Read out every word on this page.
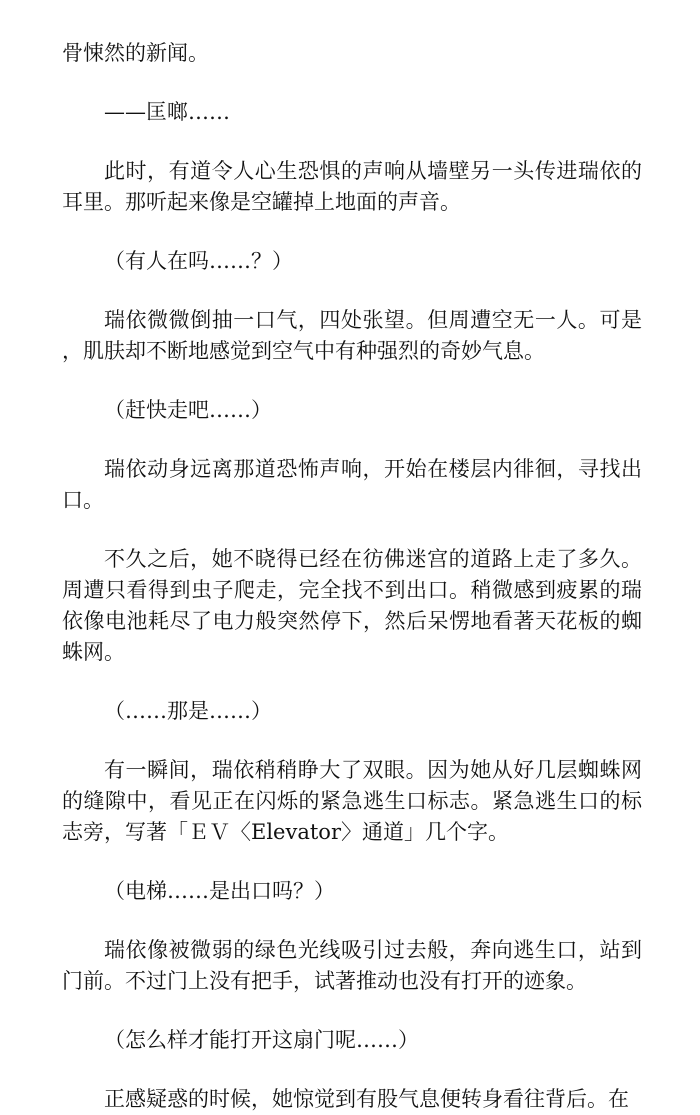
骨悚然的新闻。

——匡啷……

此时，有道令人心生恐惧的声响从墙壁另一头传进瑞依的耳里。那听起来像是空罐掉上地面的声音。

（有人在吗……？）

瑞依微微倒抽一口气，四处张望。但周遭空无一人。可是，肌肤却不断地感觉到空气中有种强烈的奇妙气息。

（赶快走吧……）

瑞依动身远离那道恐怖声响，开始在楼层内徘徊，寻找出口。

不久之后，她不晓得已经在彷佛迷宫的道路上走了多久。周遭只看得到虫子爬走，完全找不到出口。稍微感到疲累的瑞依像电池耗尽了电力般突然停下，然后呆愣地看著天花板的蜘蛛网。

（……那是……）

有一瞬间，瑞依稍稍睁大了双眼。因为她从好几层蜘蛛网的缝隙中，看见正在闪烁的紧急逃生口标志。紧急逃生口的标志旁，写著「ＥＶ〈Elevator〉通道」几个字。

（电梯……是出口吗？）

瑞依像被微弱的绿色光线吸引过去般，奔向逃生口，站到门前。不过门上没有把手，试著推动也没有打开的迹象。

（怎么样才能打开这扇门呢……）

正感疑惑的时候，她惊觉到有股气息便转身看往背后。在
